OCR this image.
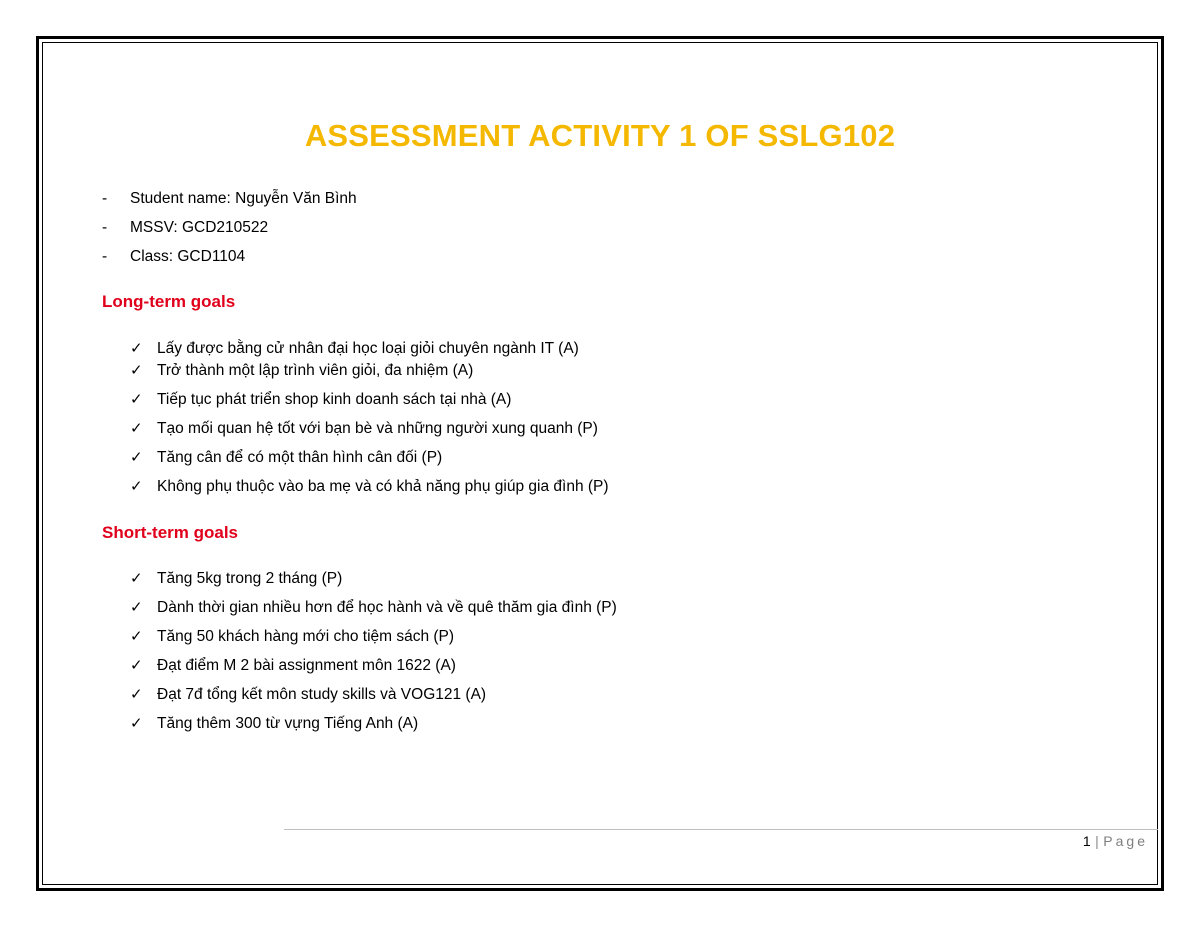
ASSESSMENT ACTIVITY 1 OF SSLG102
- Student name: Nguyễn Văn Bình
- MSSV: GCD210522
- Class: GCD1104
Long-term goals
✓ Lấy được bằng cử nhân đại học loại giỏi chuyên ngành IT (A)
✓ Trở thành một lập trình viên giỏi, đa nhiệm (A)
✓ Tiếp tục phát triển shop kinh doanh sách tại nhà (A)
✓ Tạo mối quan hệ tốt với bạn bè và những người xung quanh (P)
✓ Tăng cân để có một thân hình cân đối (P)
✓ Không phụ thuộc vào ba mẹ và có khả năng phụ giúp gia đình (P)
Short-term goals
✓ Tăng 5kg trong 2 tháng (P)
✓ Dành thời gian nhiều hơn để học hành và về quê thăm gia đình (P)
✓ Tăng 50 khách hàng mới cho tiệm sách (P)
✓ Đạt điểm M 2 bài assignment môn 1622 (A)
✓ Đạt 7đ tổng kết môn study skills và VOG121 (A)
✓ Tăng thêm 300 từ vựng Tiếng Anh (A)
1 | Page
